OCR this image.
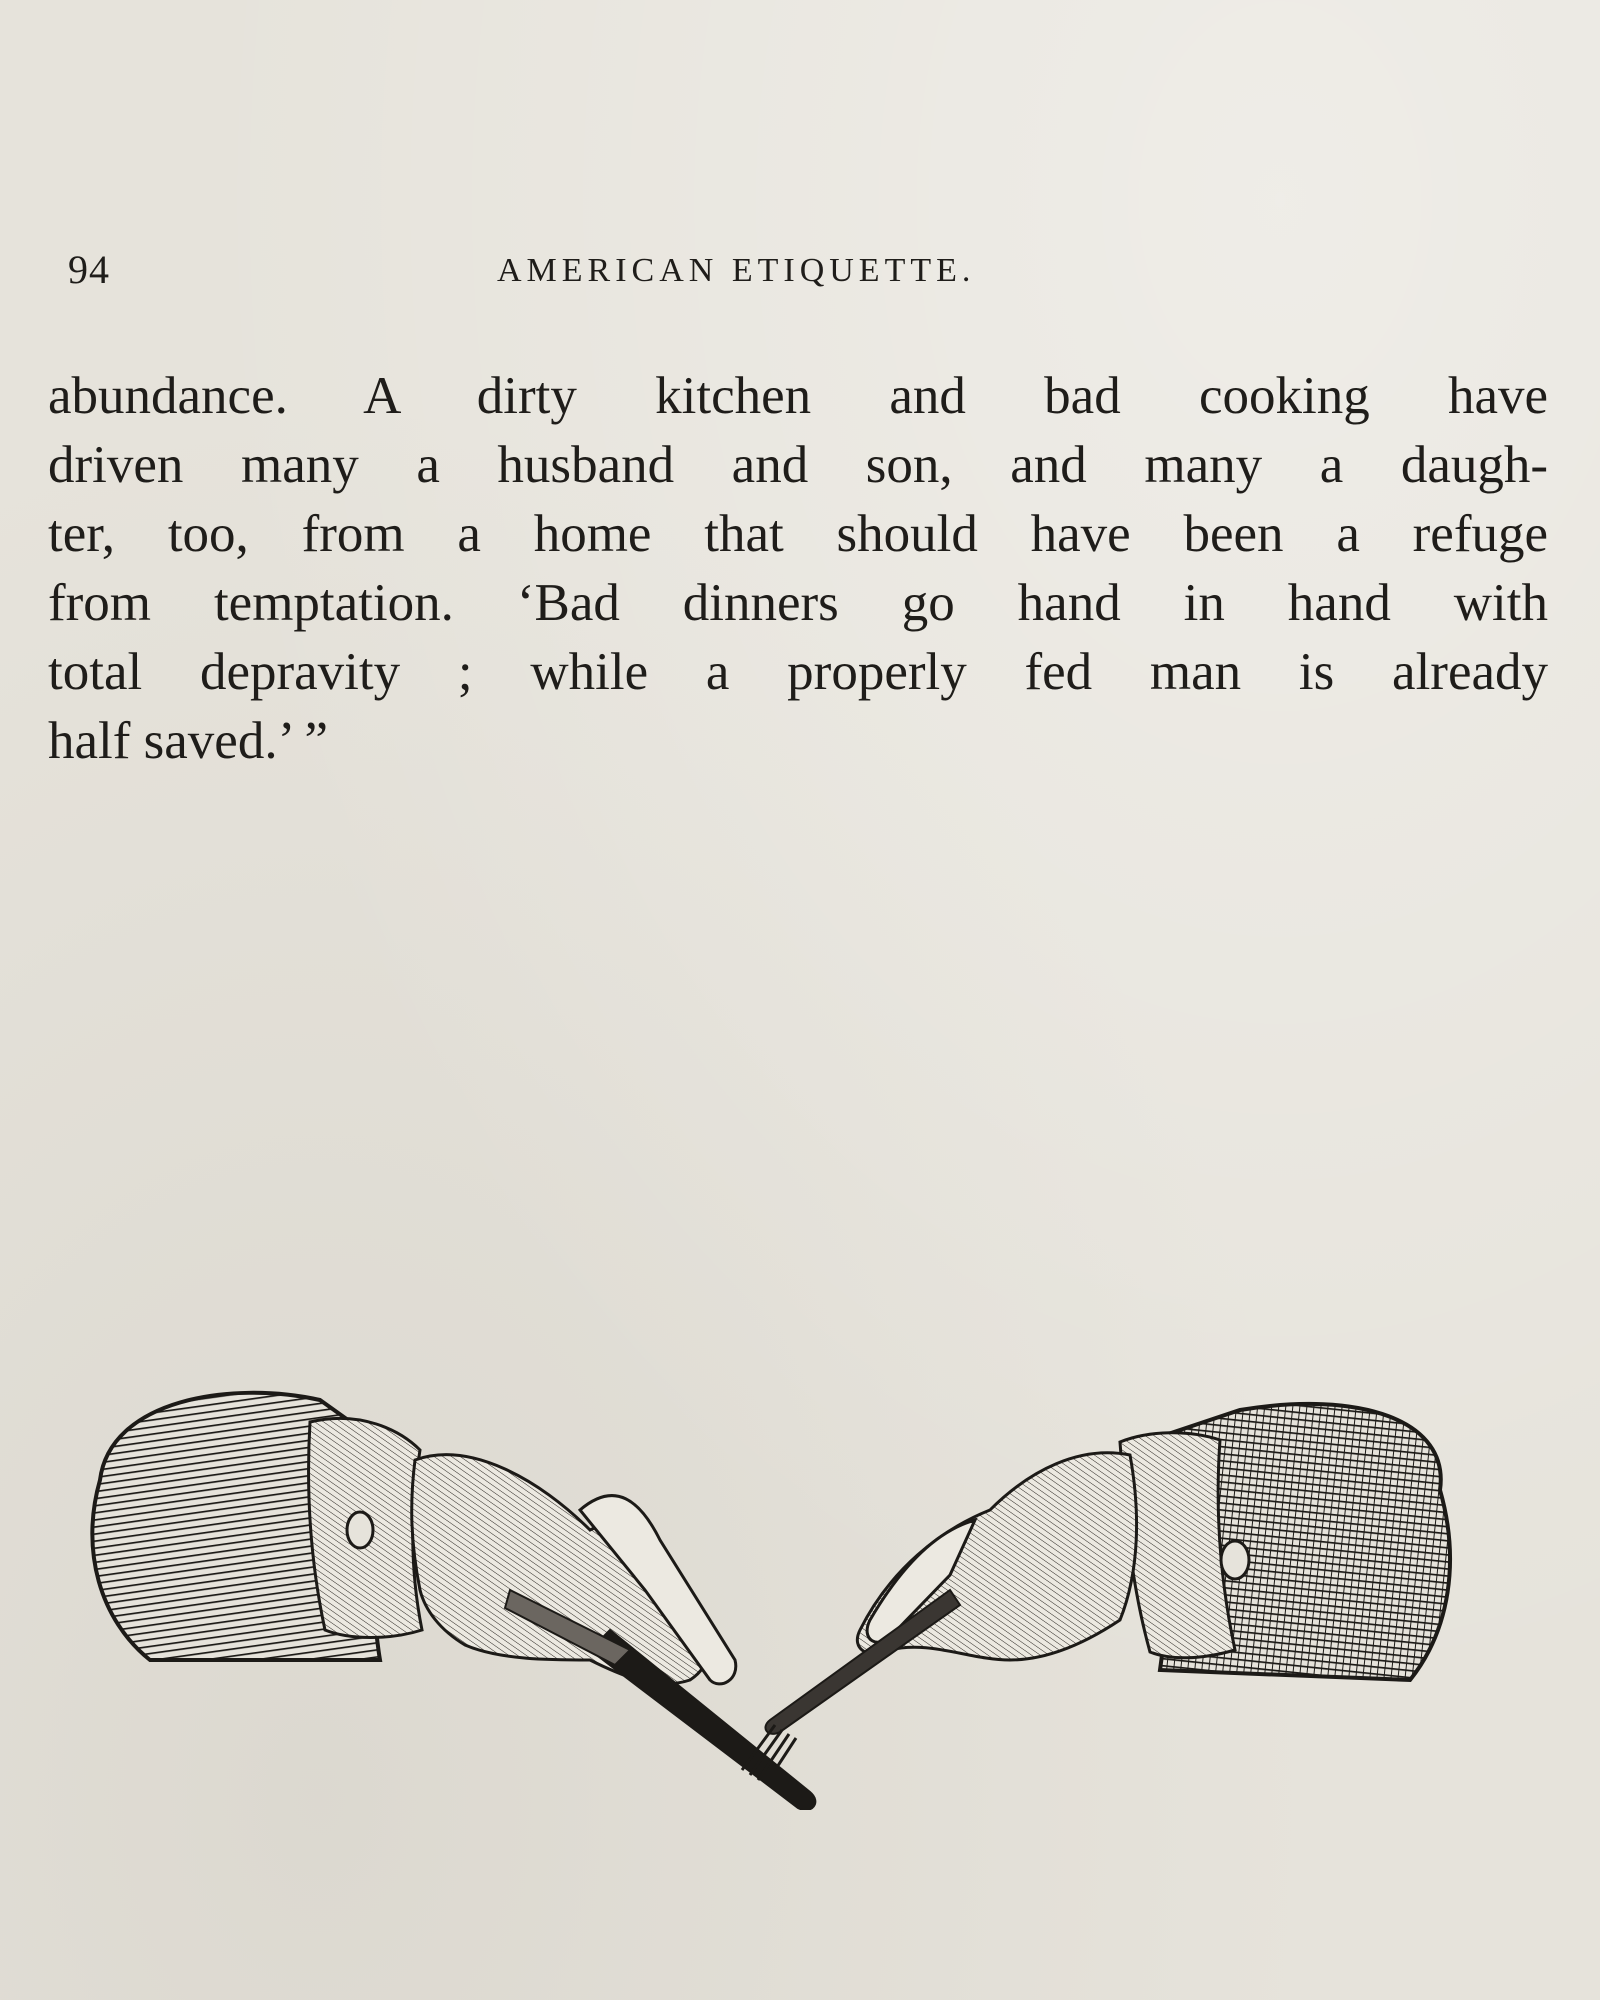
94	AMERICAN ETIQUETTE.
abundance. A dirty kitchen and bad cooking have
driven many a husband and son, and many a daugh-
ter, too, from a home that should have been a refuge
from temptation. ‘Bad dinners go hand in hand with
total depravity ; while a properly fed man is already
half saved.’ ”
